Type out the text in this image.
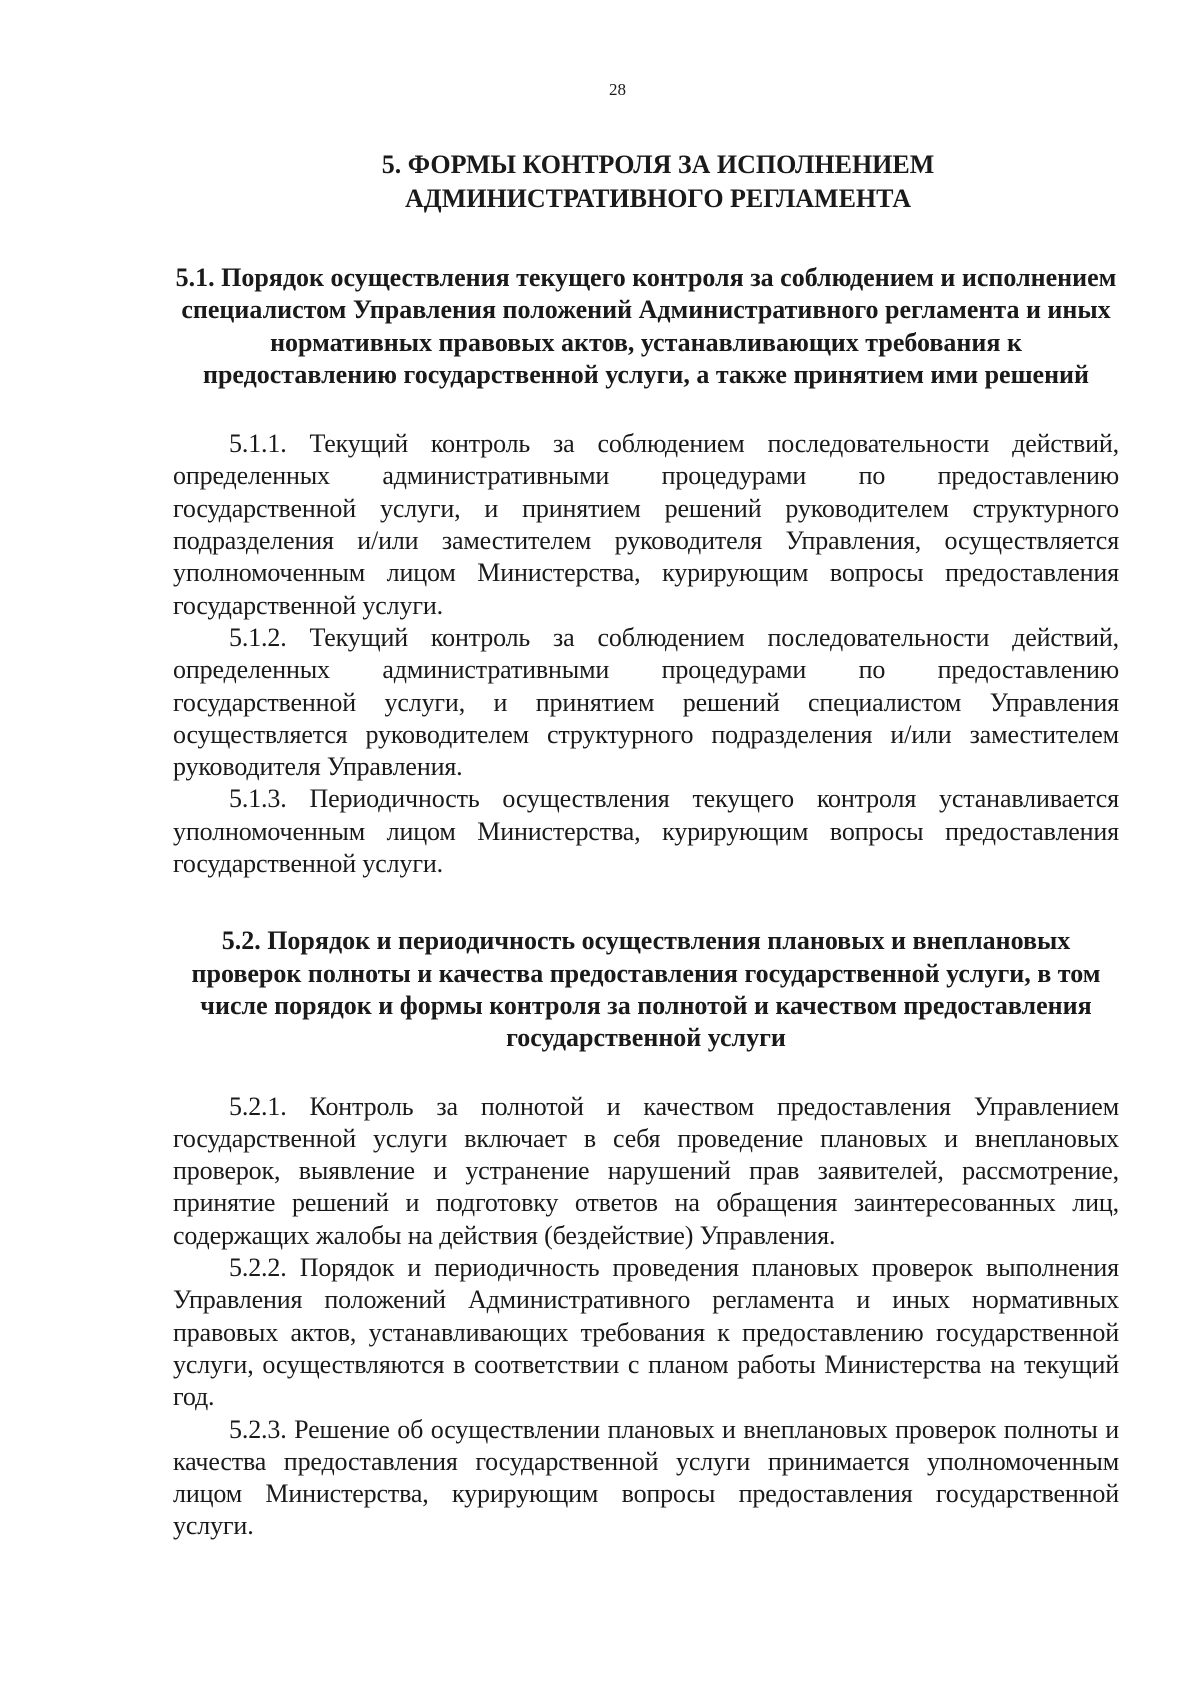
28
5. ФОРМЫ КОНТРОЛЯ ЗА ИСПОЛНЕНИЕМ
АДМИНИСТРАТИВНОГО РЕГЛАМЕНТА
5.1. Порядок осуществления текущего контроля за соблюдением и исполнением специалистом Управления положений Административного регламента и иных нормативных правовых актов, устанавливающих требования к предоставлению государственной услуги, а также принятием ими решений

5.1.1. Текущий контроль за соблюдением последовательности действий, определенных административными процедурами по предоставлению государственной услуги, и принятием решений руководителем структурного подразделения и/или заместителем руководителя Управления, осуществляется уполномоченным лицом Министерства, курирующим вопросы предоставления государственной услуги.

5.1.2. Текущий контроль за соблюдением последовательности действий, определенных административными процедурами по предоставлению государственной услуги, и принятием решений специалистом Управления осуществляется руководителем структурного подразделения и/или заместителем руководителя Управления.

5.1.3. Периодичность осуществления текущего контроля устанавливается уполномоченным лицом Министерства, курирующим вопросы предоставления государственной услуги.

5.2. Порядок и периодичность осуществления плановых и внеплановых проверок полноты и качества предоставления государственной услуги, в том числе порядок и формы контроля за полнотой и качеством предоставления государственной услуги

5.2.1. Контроль за полнотой и качеством предоставления Управлением государственной услуги включает в себя проведение плановых и внеплановых проверок, выявление и устранение нарушений прав заявителей, рассмотрение, принятие решений и подготовку ответов на обращения заинтересованных лиц, содержащих жалобы на действия (бездействие) Управления.

5.2.2. Порядок и периодичность проведения плановых проверок выполнения Управления положений Административного регламента и иных нормативных правовых актов, устанавливающих требования к предоставлению государственной услуги, осуществляются в соответствии с планом работы Министерства на текущий год.

5.2.3. Решение об осуществлении плановых и внеплановых проверок полноты и качества предоставления государственной услуги принимается уполномоченным лицом Министерства, курирующим вопросы предоставления государственной услуги.
